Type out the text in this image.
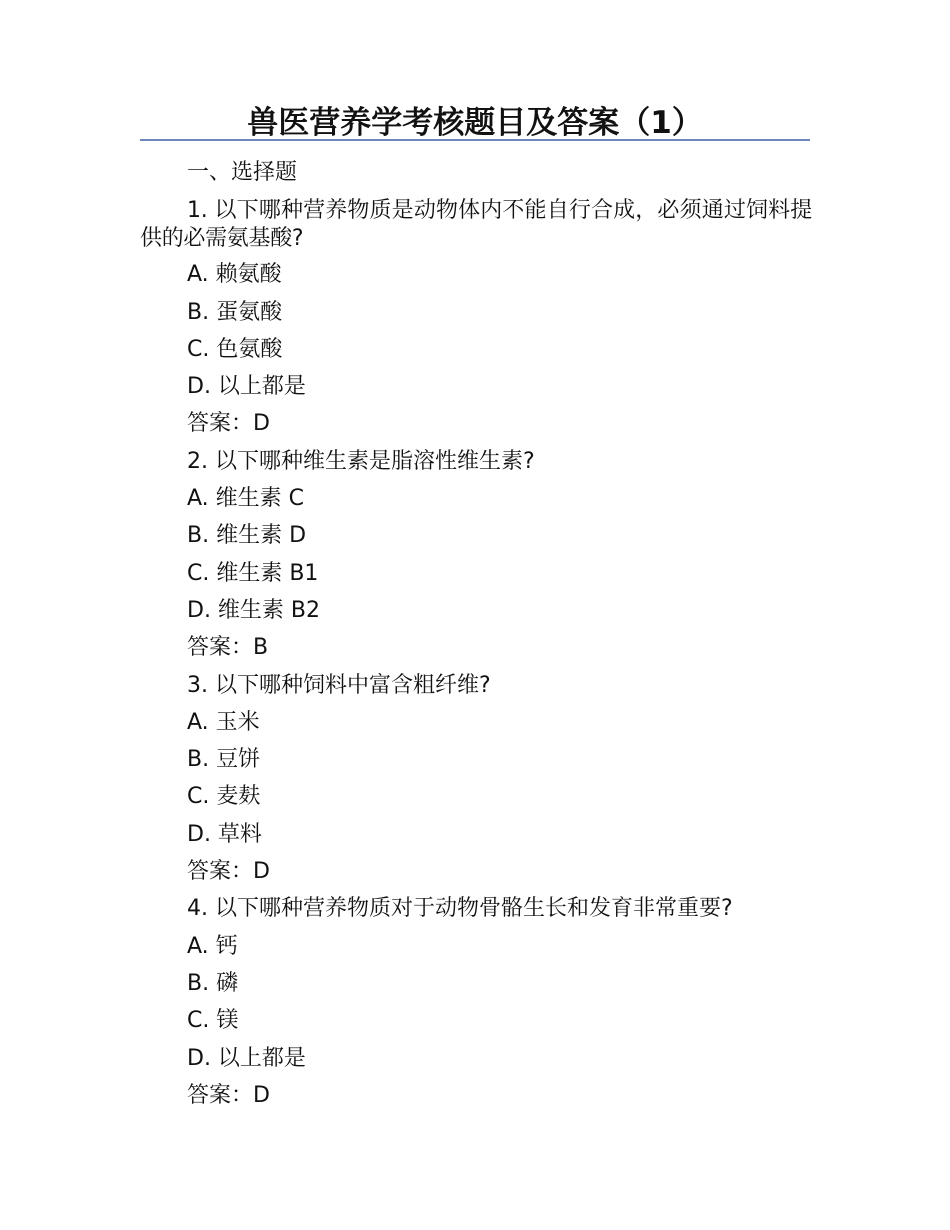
兽医营养学考核题目及答案（1）
一、选择题
1. 以下哪种营养物质是动物体内不能自行合成，必须通过饲料提供的必需氨基酸?
A. 赖氨酸
B. 蛋氨酸
C. 色氨酸
D. 以上都是
答案：D
2. 以下哪种维生素是脂溶性维生素?
A. 维生素 C
B. 维生素 D
C. 维生素 B1
D. 维生素 B2
答案：B
3. 以下哪种饲料中富含粗纤维?
A. 玉米
B. 豆饼
C. 麦麸
D. 草料
答案：D
4. 以下哪种营养物质对于动物骨骼生长和发育非常重要?
A. 钙
B. 磷
C. 镁
D. 以上都是
答案：D
